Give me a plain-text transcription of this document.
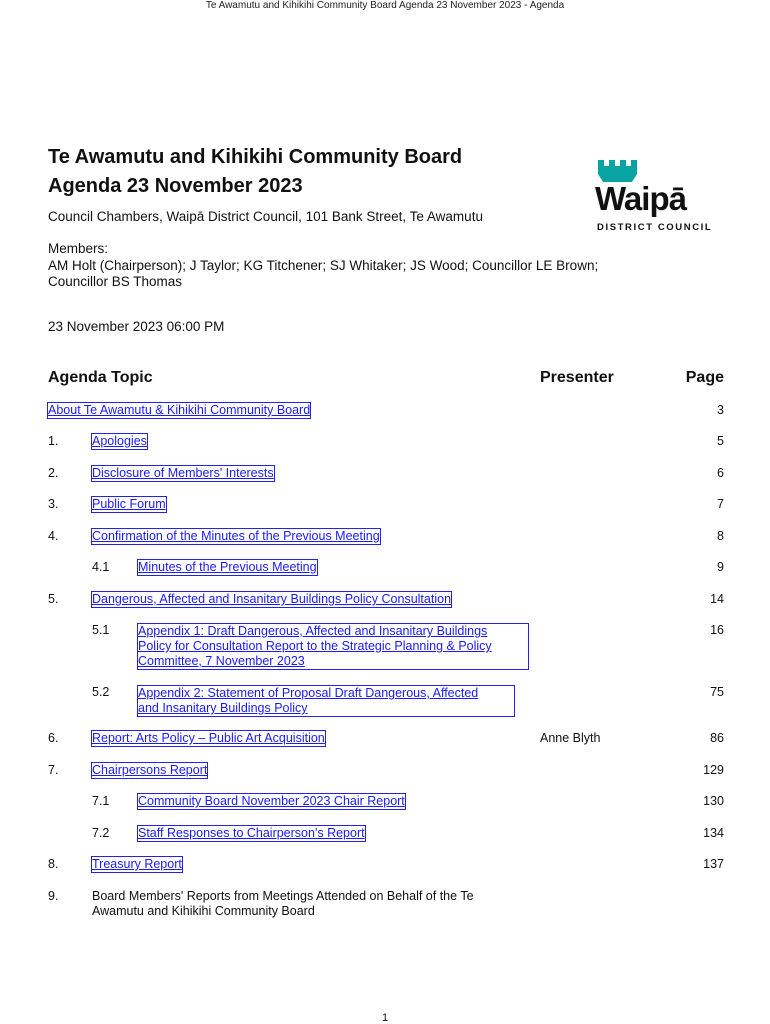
Te Awamutu and Kihikihi Community Board Agenda 23 November 2023 - Agenda
Te Awamutu and Kihikihi Community Board
Agenda 23 November 2023
Council Chambers, Waipā District Council, 101 Bank Street, Te Awamutu
Members:
AM Holt (Chairperson); J Taylor; KG Titchener; SJ Whitaker; JS Wood; Councillor LE Brown;
Councillor BS Thomas
23 November 2023 06:00 PM
Waipā
DISTRICT COUNCIL
Agenda Topic	Presenter	Page
About Te Awamutu & Kihikihi Community Board	3
1.	Apologies	5
2.	Disclosure of Members' Interests	6
3.	Public Forum	7
4.	Confirmation of the Minutes of the Previous Meeting	8
4.1 Minutes of the Previous Meeting	9
5.	Dangerous, Affected and Insanitary Buildings Policy Consultation	14
5.1 Appendix 1: Draft Dangerous, Affected and Insanitary Buildings
Policy for Consultation Report to the Strategic Planning & Policy
Committee, 7 November 2023
16
5.2 Appendix 2: Statement of Proposal Draft Dangerous, Affected
and Insanitary Buildings Policy
75
6.	Report: Arts Policy – Public Art Acquisition	Anne Blyth	86
7.	Chairpersons Report	129
7.1 Community Board November 2023 Chair Report	130
7.2 Staff Responses to Chairperson's Report	134
8.	Treasury Report	137
9.	Board Members' Reports from Meetings Attended on Behalf of the Te
Awamutu and Kihikihi Community Board
1
